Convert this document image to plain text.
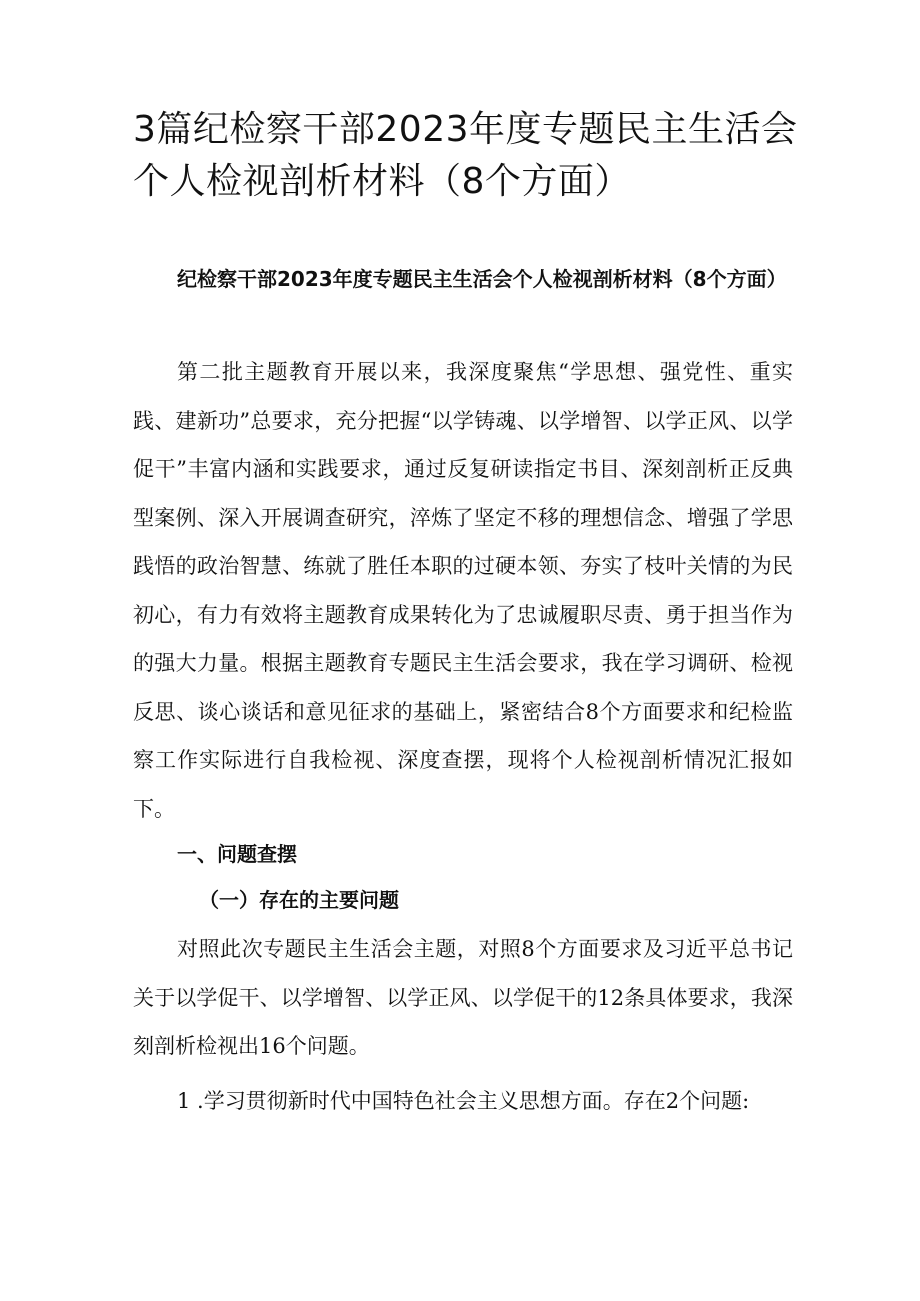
3篇纪检察干部2023年度专题民主生活会个人检视剖析材料（8个方面）

纪检察干部2023年度专题民主生活会个人检视剖析材料（8个方面）

第二批主题教育开展以来，我深度聚焦“学思想、强党性、重实践、建新功”总要求，充分把握“以学铸魂、以学增智、以学正风、以学促干”丰富内涵和实践要求，通过反复研读指定书目、深刻剖析正反典型案例、深入开展调查研究，淬炼了坚定不移的理想信念、增强了学思践悟的政治智慧、练就了胜任本职的过硬本领、夯实了枝叶关情的为民初心，有力有效将主题教育成果转化为了忠诚履职尽责、勇于担当作为的强大力量。根据主题教育专题民主生活会要求，我在学习调研、检视反思、谈心谈话和意见征求的基础上，紧密结合8个方面要求和纪检监察工作实际进行自我检视、深度查摆，现将个人检视剖析情况汇报如下。

一、问题查摆

（一）存在的主要问题

对照此次专题民主生活会主题，对照8个方面要求及习近平总书记关于以学促干、以学增智、以学正风、以学促干的12条具体要求，我深刻剖析检视出16个问题。

1 .学习贯彻新时代中国特色社会主义思想方面。存在2个问题:
